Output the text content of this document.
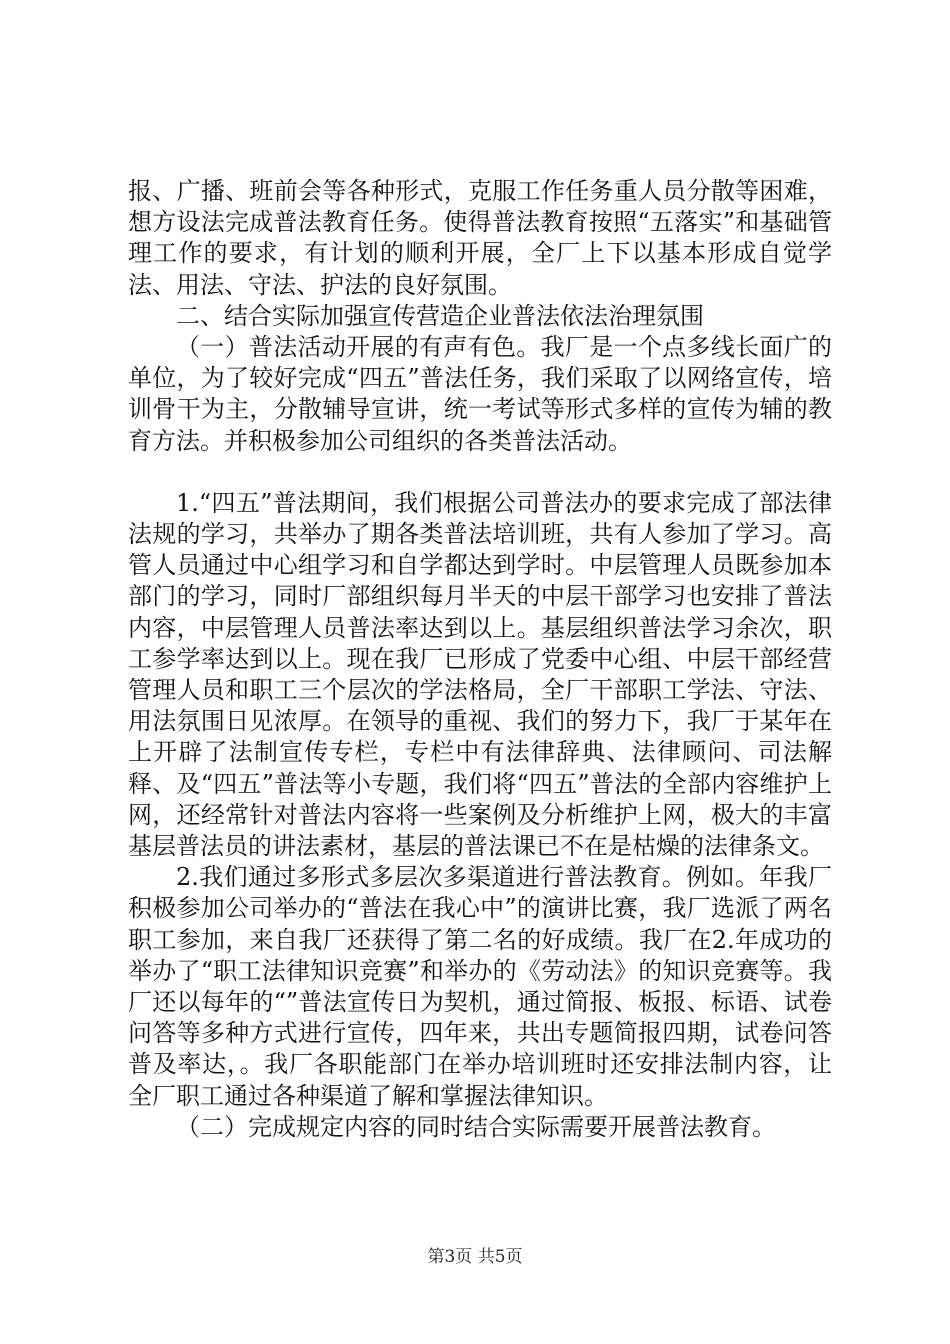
报、广播、班前会等各种形式，克服工作任务重人员分散等困难，想方设法完成普法教育任务。使得普法教育按照“五落实”和基础管理工作的要求，有计划的顺利开展，全厂上下以基本形成自觉学法、用法、守法、护法的良好氛围。

二、结合实际加强宣传营造企业普法依法治理氛围

（一）普法活动开展的有声有色。我厂是一个点多线长面广的单位，为了较好完成“四五”普法任务，我们采取了以网络宣传，培训骨干为主，分散辅导宣讲，统一考试等形式多样的宣传为辅的教育方法。并积极参加公司组织的各类普法活动。

1.“四五”普法期间，我们根据公司普法办的要求完成了部法律法规的学习，共举办了期各类普法培训班，共有人参加了学习。高管人员通过中心组学习和自学都达到学时。中层管理人员既参加本部门的学习，同时厂部组织每月半天的中层干部学习也安排了普法内容，中层管理人员普法率达到以上。基层组织普法学习余次，职工参学率达到以上。现在我厂已形成了党委中心组、中层干部经营管理人员和职工三个层次的学法格局，全厂干部职工学法、守法、用法氛围日见浓厚。在领导的重视、我们的努力下，我厂于某年在上开辟了法制宣传专栏，专栏中有法律辞典、法律顾问、司法解释、及“四五”普法等小专题，我们将“四五”普法的全部内容维护上网，还经常针对普法内容将一些案例及分析维护上网，极大的丰富基层普法员的讲法素材，基层的普法课已不在是枯燥的法律条文。

2.我们通过多形式多层次多渠道进行普法教育。例如。年我厂积极参加公司举办的“普法在我心中”的演讲比赛，我厂选派了两名职工参加，来自我厂还获得了第二名的好成绩。我厂在2.年成功的举办了“职工法律知识竞赛”和举办的《劳动法》的知识竞赛等。我厂还以每年的“”普法宣传日为契机，通过简报、板报、标语、试卷问答等多种方式进行宣传，四年来，共出专题简报四期，试卷问答普及率达，。我厂各职能部门在举办培训班时还安排法制内容，让全厂职工通过各种渠道了解和掌握法律知识。

（二）完成规定内容的同时结合实际需要开展普法教育。

第3页 共5页
